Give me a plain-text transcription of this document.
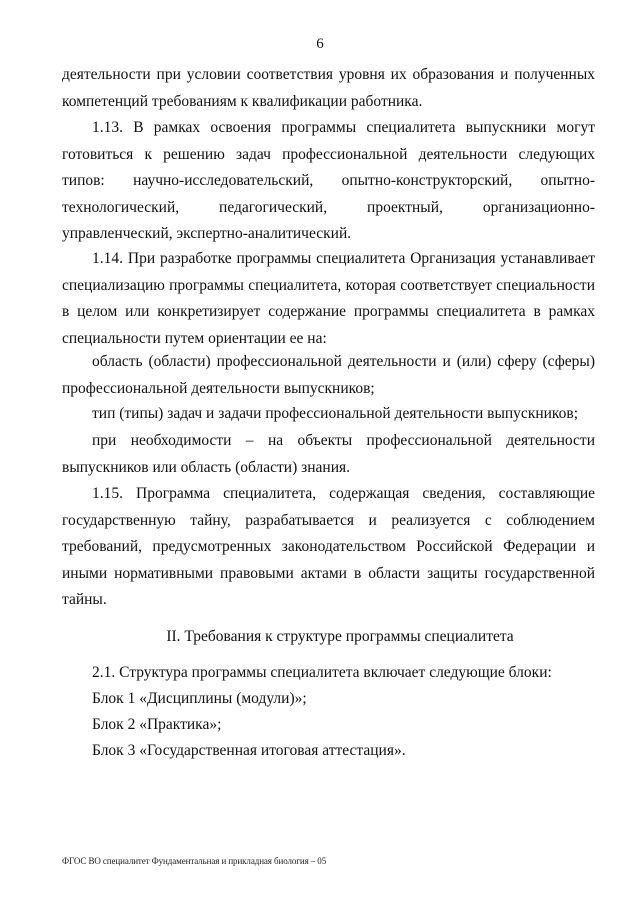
6

деятельности при условии соответствия уровня их образования и полученных компетенций требованиям к квалификации работника.

1.13. В рамках освоения программы специалитета выпускники могут готовиться к решению задач профессиональной деятельности следующих типов: научно-исследовательский, опытно-конструкторский, опытно-технологический, педагогический, проектный, организационно-управленческий, экспертно-аналитический.

1.14. При разработке программы специалитета Организация устанавливает специализацию программы специалитета, которая соответствует специальности в целом или конкретизирует содержание программы специалитета в рамках специальности путем ориентации ее на:

область (области) профессиональной деятельности и (или) сферу (сферы) профессиональной деятельности выпускников;

тип (типы) задач и задачи профессиональной деятельности выпускников;

при необходимости – на объекты профессиональной деятельности выпускников или область (области) знания.

1.15. Программа специалитета, содержащая сведения, составляющие государственную тайну, разрабатывается и реализуется с соблюдением требований, предусмотренных законодательством Российской Федерации и иными нормативными правовыми актами в области защиты государственной тайны.

II. Требования к структуре программы специалитета
2.1. Структура программы специалитета включает следующие блоки:
Блок 1 «Дисциплины (модули)»;
Блок 2 «Практика»;
Блок 3 «Государственная итоговая аттестация».
ФГОС ВО специалитет Фундаментальная и прикладная биология – 05
